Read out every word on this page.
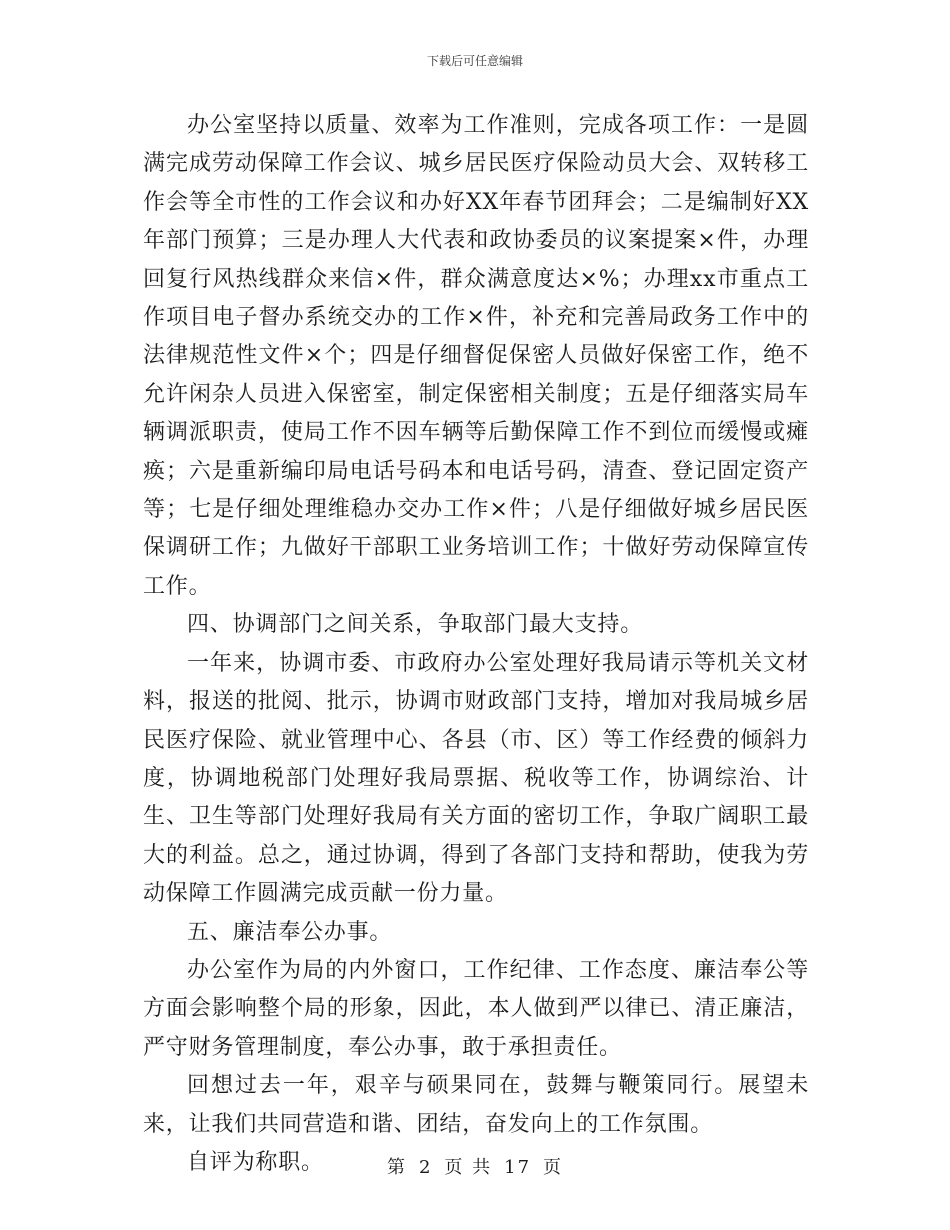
下载后可任意编辑

办公室坚持以质量、效率为工作准则，完成各项工作：一是圆满完成劳动保障工作会议、城乡居民医疗保险动员大会、双转移工作会等全市性的工作会议和办好XX年春节团拜会；二是编制好XX年部门预算；三是办理人大代表和政协委员的议案提案×件，办理回复行风热线群众来信×件，群众满意度达×%；办理xx市重点工作项目电子督办系统交办的工作×件，补充和完善局政务工作中的法律规范性文件×个；四是仔细督促保密人员做好保密工作，绝不允许闲杂人员进入保密室，制定保密相关制度；五是仔细落实局车辆调派职责，使局工作不因车辆等后勤保障工作不到位而缓慢或瘫痪；六是重新编印局电话号码本和电话号码，清查、登记固定资产等；七是仔细处理维稳办交办工作×件；八是仔细做好城乡居民医保调研工作；九做好干部职工业务培训工作；十做好劳动保障宣传工作。

四、协调部门之间关系，争取部门最大支持。

一年来，协调市委、市政府办公室处理好我局请示等机关文材料，报送的批阅、批示，协调市财政部门支持，增加对我局城乡居民医疗保险、就业管理中心、各县（市、区）等工作经费的倾斜力度，协调地税部门处理好我局票据、税收等工作，协调综治、计生、卫生等部门处理好我局有关方面的密切工作，争取广阔职工最大的利益。总之，通过协调，得到了各部门支持和帮助，使我为劳动保障工作圆满完成贡献一份力量。

五、廉洁奉公办事。

办公室作为局的内外窗口，工作纪律、工作态度、廉洁奉公等方面会影响整个局的形象，因此，本人做到严以律已、清正廉洁，严守财务管理制度，奉公办事，敢于承担责任。

回想过去一年，艰辛与硕果同在，鼓舞与鞭策同行。展望未来，让我们共同营造和谐、团结，奋发向上的工作氛围。

自评为称职。	第 2 页 共 17 页
